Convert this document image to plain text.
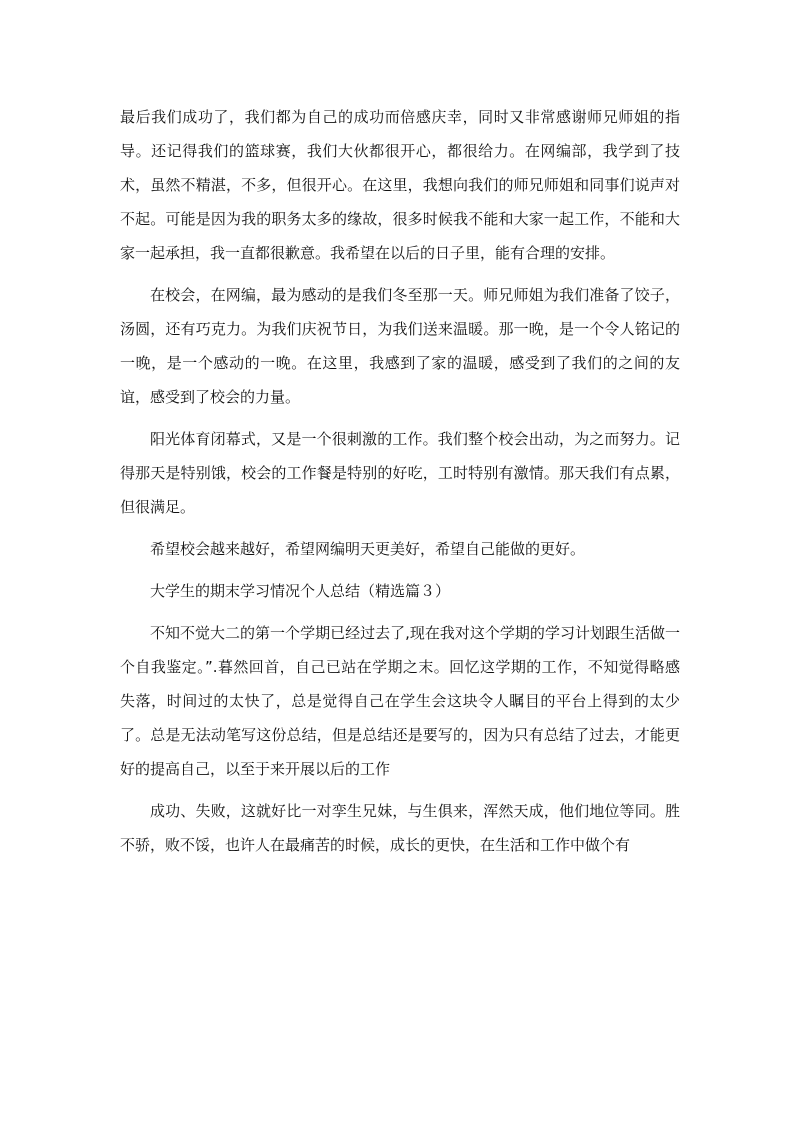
最后我们成功了，我们都为自己的成功而倍感庆幸，同时又非常感谢师兄师姐的指导。还记得我们的篮球赛，我们大伙都很开心，都很给力。在网编部，我学到了技术，虽然不精湛，不多，但很开心。在这里，我想向我们的师兄师姐和同事们说声对不起。可能是因为我的职务太多的缘故，很多时候我不能和大家一起工作，不能和大家一起承担，我一直都很歉意。我希望在以后的日子里，能有合理的安排。

在校会，在网编，最为感动的是我们冬至那一天。师兄师姐为我们准备了饺子，汤圆，还有巧克力。为我们庆祝节日，为我们送来温暖。那一晚，是一个令人铭记的一晚，是一个感动的一晚。在这里，我感到了家的温暖，感受到了我们的之间的友谊，感受到了校会的力量。

阳光体育闭幕式，又是一个很刺激的工作。我们整个校会出动，为之而努力。记得那天是特别饿，校会的工作餐是特别的好吃，工时特别有激情。那天我们有点累，但很满足。

希望校会越来越好，希望网编明天更美好，希望自己能做的更好。

大学生的期末学习情况个人总结（精选篇３）

不知不觉大二的第一个学期已经过去了,现在我对这个学期的学习计划跟生活做一个自我鉴定。”.暮然回首，自己已站在学期之末。回忆这学期的工作，不知觉得略感失落，时间过的太快了，总是觉得自己在学生会这块令人瞩目的平台上得到的太少了。总是无法动笔写这份总结，但是总结还是要写的，因为只有总结了过去，才能更好的提高自己，以至于来开展以后的工作

成功、失败，这就好比一对孪生兄妹，与生俱来，浑然天成，他们地位等同。胜不骄，败不馁，也许人在最痛苦的时候，成长的更快，在生活和工作中做个有
